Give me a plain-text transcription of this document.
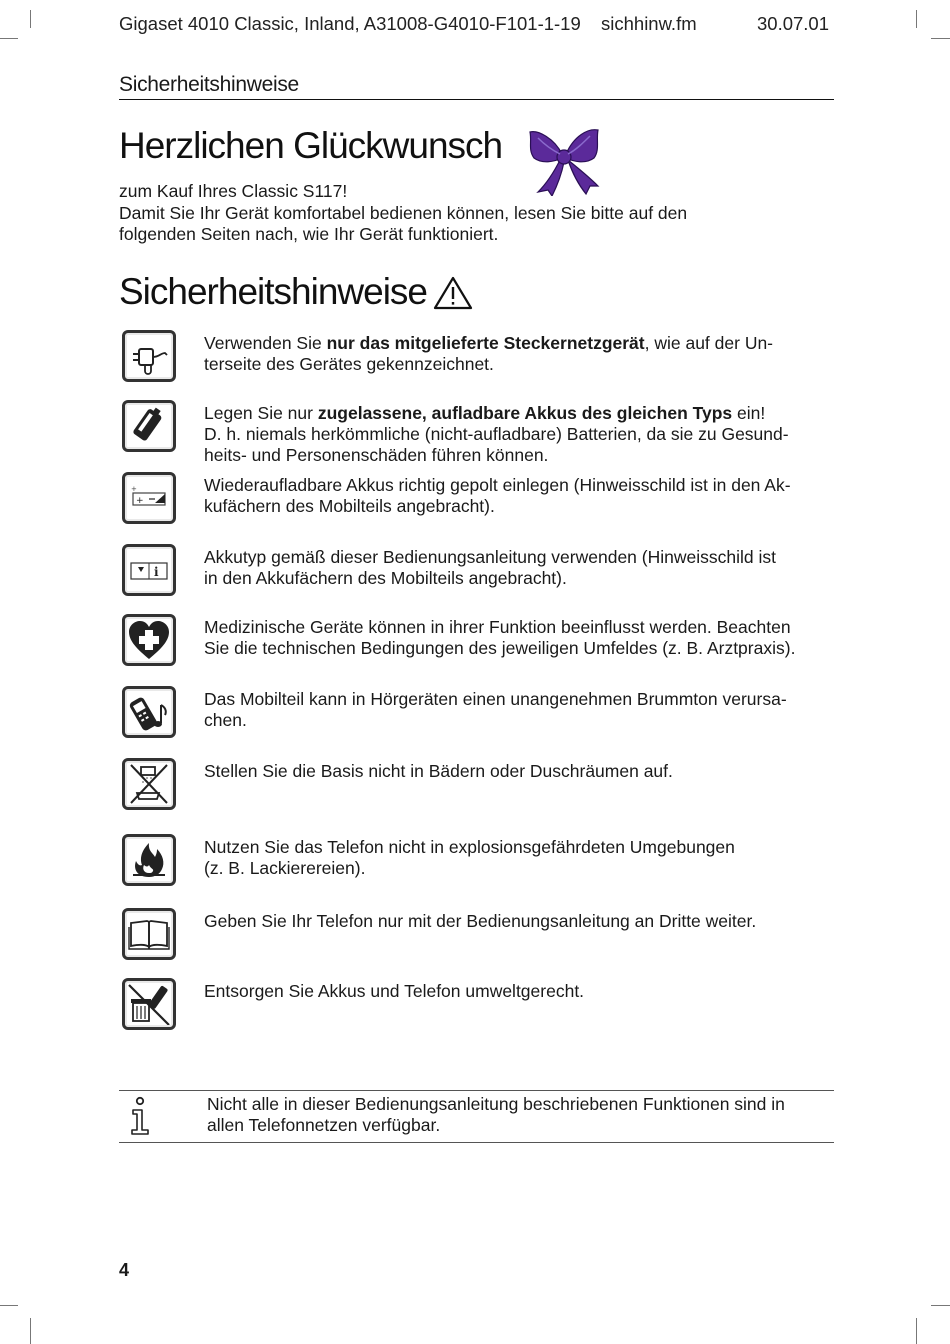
Gigaset 4010 Classic, Inland, A31008-G4010-F101-1-19 sichhinw.fm	30.07.01
Sicherheitshinweise
Herzlichen Glückwunsch
zum Kauf Ihres Classic S117!
Damit Sie Ihr Gerät komfortabel bedienen können, lesen Sie bitte auf den
folgenden Seiten nach, wie Ihr Gerät funktioniert.
Sicherheitshinweise
Verwenden Sie nur das mitgelieferte Steckernetzgerät, wie auf der Un-
terseite des Gerätes gekennzeichnet.
Legen Sie nur zugelassene, aufladbare Akkus des gleichen Typs ein!
D. h. niemals herkömmliche (nicht-aufladbare) Batterien, da sie zu Gesund-
heits- und Personenschäden führen können.
+
+	Wiederaufladbare Akkus richtig gepolt einlegen (Hinweisschild ist in den Ak-
kufächern des Mobilteils angebracht).
i
Akkutyp gemäß dieser Bedienungsanleitung verwenden (Hinweisschild ist
in den Akkufächern des Mobilteils angebracht).
Medizinische Geräte können in ihrer Funktion beeinflusst werden. Beachten
Sie die technischen Bedingungen des jeweiligen Umfeldes (z. B. Arztpraxis).
Das Mobilteil kann in Hörgeräten einen unangenehmen Brummton verursa-
chen.
Stellen Sie die Basis nicht in Bädern oder Duschräumen auf.
Nutzen Sie das Telefon nicht in explosionsgefährdeten Umgebungen
(z. B. Lackierereien).
Geben Sie Ihr Telefon nur mit der Bedienungsanleitung an Dritte weiter.
Entsorgen Sie Akkus und Telefon umweltgerecht.
Nicht alle in dieser Bedienungsanleitung beschriebenen Funktionen sind in
allen Telefonnetzen verfügbar.
4
